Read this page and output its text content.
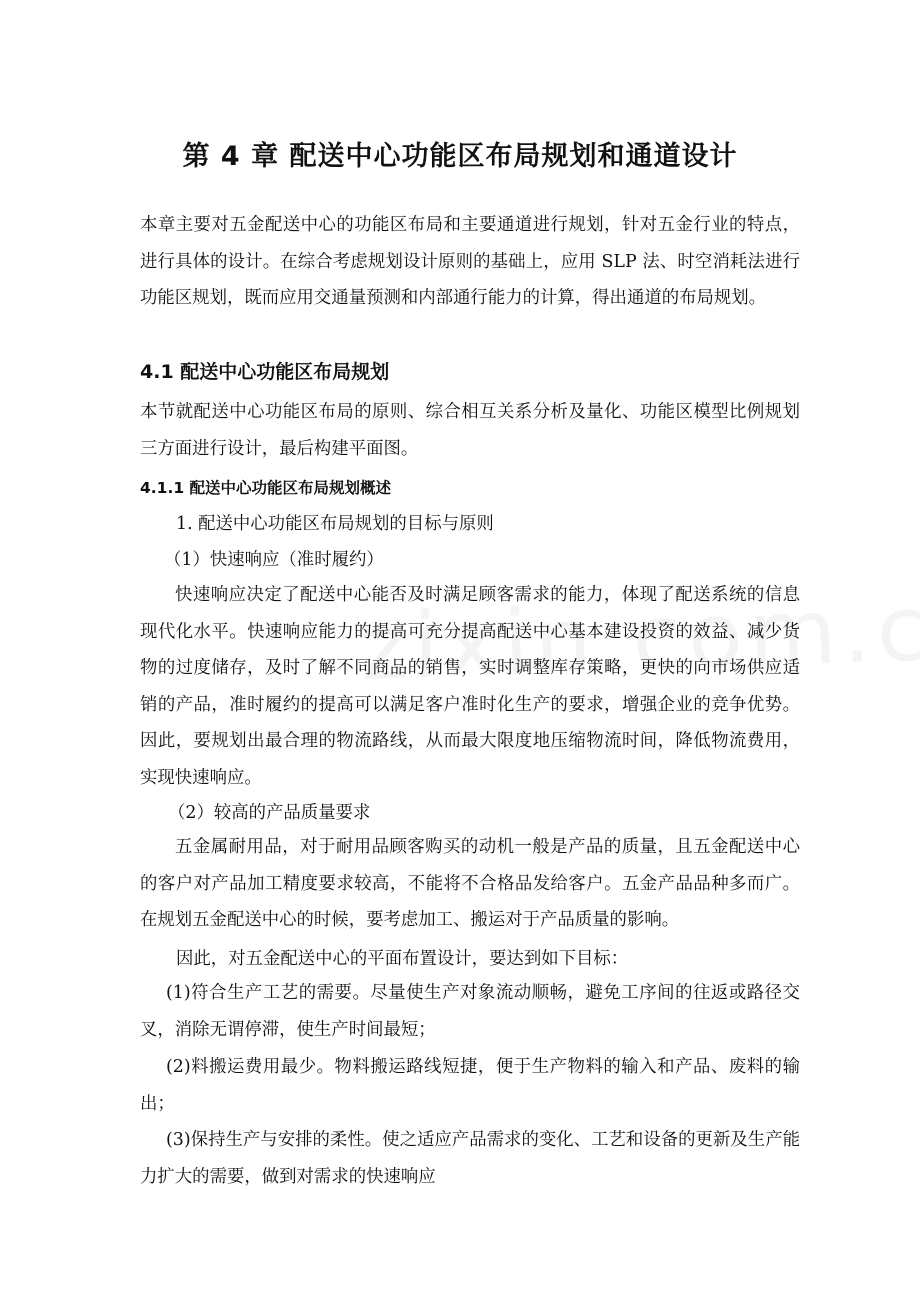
第 4 章 配送中心功能区布局规划和通道设计
本章主要对五金配送中心的功能区布局和主要通道进行规划，针对五金行业的特点，进行具体的设计。在综合考虑规划设计原则的基础上，应用 SLP 法、时空消耗法进行功能区规划，既而应用交通量预测和内部通行能力的计算，得出通道的布局规划。
4.1 配送中心功能区布局规划
本节就配送中心功能区布局的原则、综合相互关系分析及量化、功能区模型比例规划三方面进行设计，最后构建平面图。
4.1.1 配送中心功能区布局规划概述
1. 配送中心功能区布局规划的目标与原则
（1）快速响应（准时履约）
快速响应决定了配送中心能否及时满足顾客需求的能力，体现了配送系统的信息现代化水平。快速响应能力的提高可充分提高配送中心基本建设投资的效益、减少货物的过度储存，及时了解不同商品的销售，实时调整库存策略，更快的向市场供应适销的产品，准时履约的提高可以满足客户准时化生产的要求，增强企业的竞争优势。因此，要规划出最合理的物流路线，从而最大限度地压缩物流时间，降低物流费用，实现快速响应。
（2）较高的产品质量要求
五金属耐用品，对于耐用品顾客购买的动机一般是产品的质量，且五金配送中心的客户对产品加工精度要求较高，不能将不合格品发给客户。五金产品品种多而广。在规划五金配送中心的时候，要考虑加工、搬运对于产品质量的影响。
因此，对五金配送中心的平面布置设计，要达到如下目标：
(1)符合生产工艺的需要。尽量使生产对象流动顺畅，避免工序间的往返或路径交叉，消除无谓停滞，使生产时间最短；
(2)料搬运费用最少。物料搬运路线短捷，便于生产物料的输入和产品、废料的输出；
(3)保持生产与安排的柔性。使之适应产品需求的变化、工艺和设备的更新及生产能力扩大的需要，做到对需求的快速响应
